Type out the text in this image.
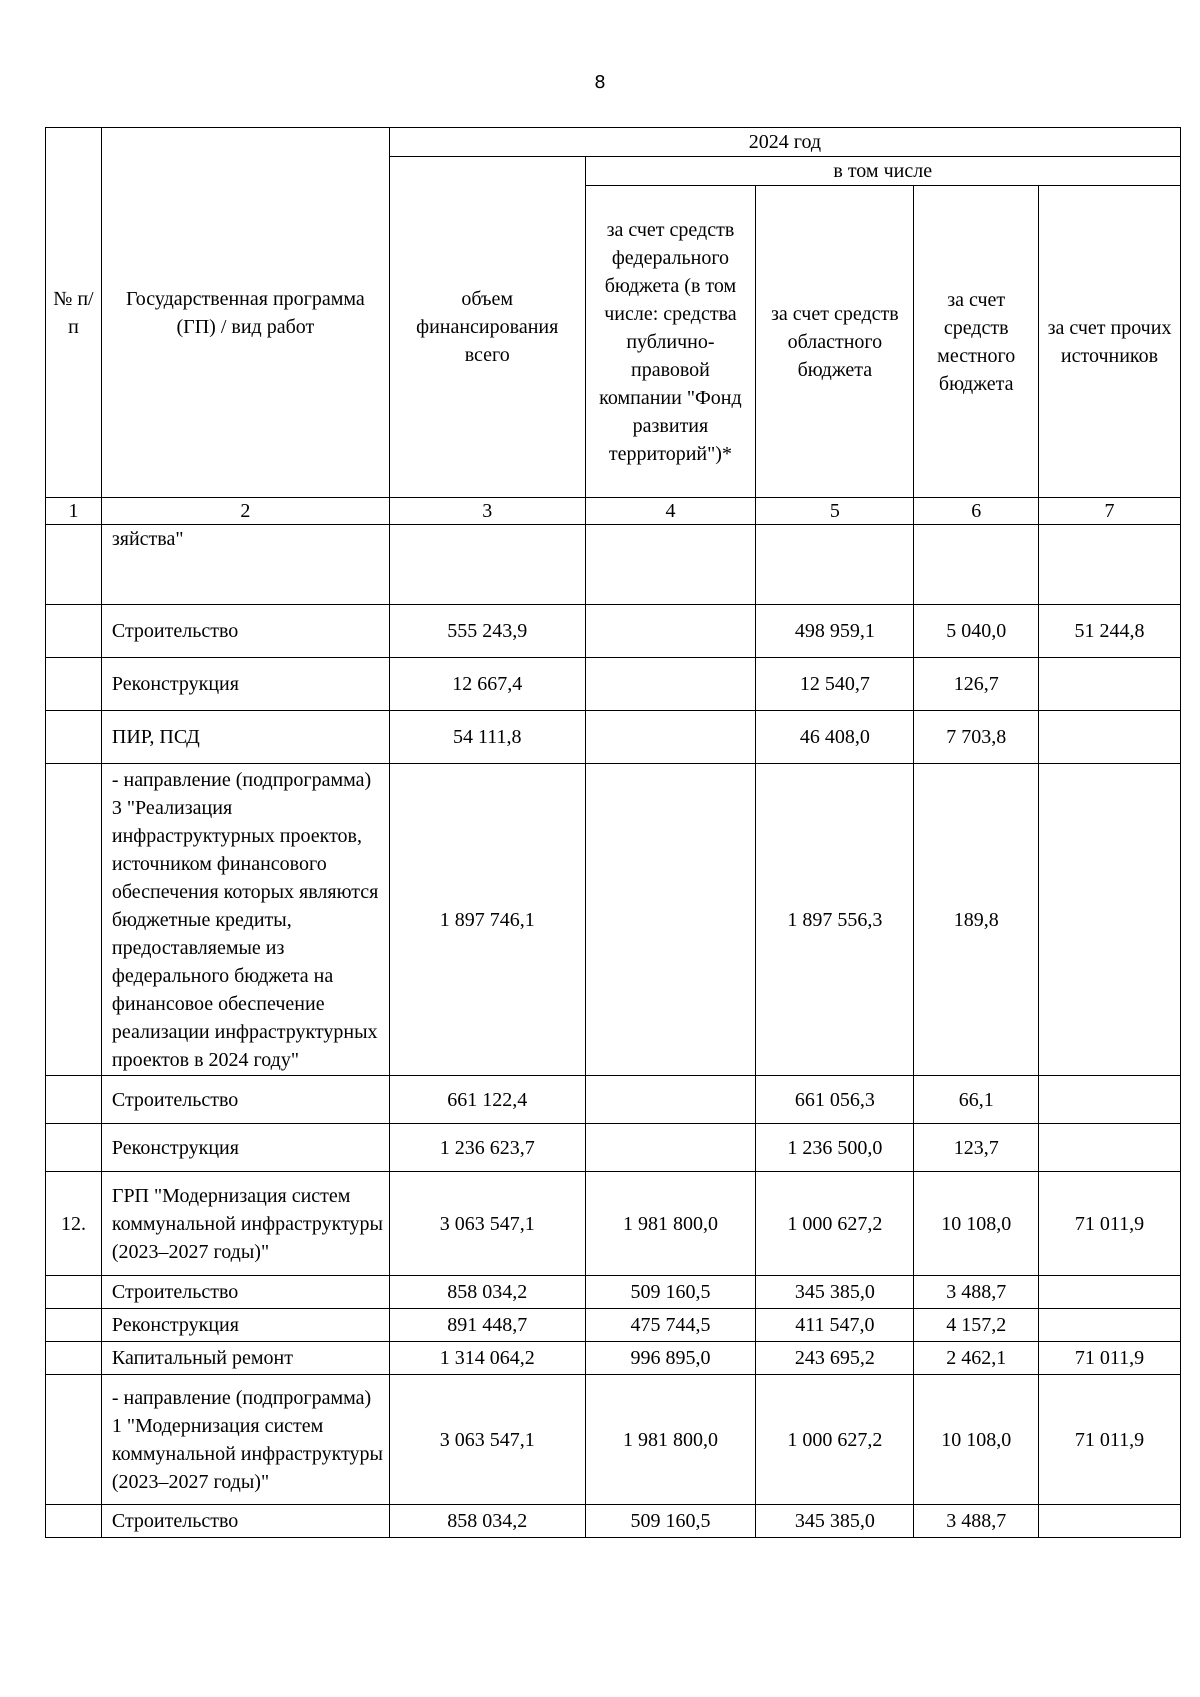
8
№ п/п	Государственная программа (ГП) / вид работ	2024 год				
		объем финансирования всего	в том числе			
			за счет средств федерального бюджета (в том числе: средства публично-правовой компании "Фонд развития территорий")*	за счет средств областного бюджета	за счет средств местного бюджета	за счет прочих источников
1	2	3	4	5	6	7
	зяйства"					
	Строительство	555 243,9		498 959,1	5 040,0	51 244,8
	Реконструкция	12 667,4		12 540,7	126,7	
	ПИР, ПСД	54 111,8		46 408,0	7 703,8	
	- направление (подпрограмма) 3 "Реализация инфраструктурных проектов, источником финансового обеспечения которых являются бюджетные кредиты, предоставляемые из федерального бюджета на финансовое обеспечение реализации инфраструктурных проектов в 2024 году"	1 897 746,1		1 897 556,3	189,8	
	Строительство	661 122,4		661 056,3	66,1	
	Реконструкция	1 236 623,7		1 236 500,0	123,7	
12.	ГРП "Модернизация систем коммунальной инфраструктуры (2023–2027 годы)"	3 063 547,1	1 981 800,0	1 000 627,2	10 108,0	71 011,9
	Строительство	858 034,2	509 160,5	345 385,0	3 488,7	
	Реконструкция	891 448,7	475 744,5	411 547,0	4 157,2	
	Капитальный ремонт	1 314 064,2	996 895,0	243 695,2	2 462,1	71 011,9
	- направление (подпрограмма) 1 "Модернизация систем коммунальной инфраструктуры (2023–2027 годы)"	3 063 547,1	1 981 800,0	1 000 627,2	10 108,0	71 011,9
	Строительство	858 034,2	509 160,5	345 385,0	3 488,7	
